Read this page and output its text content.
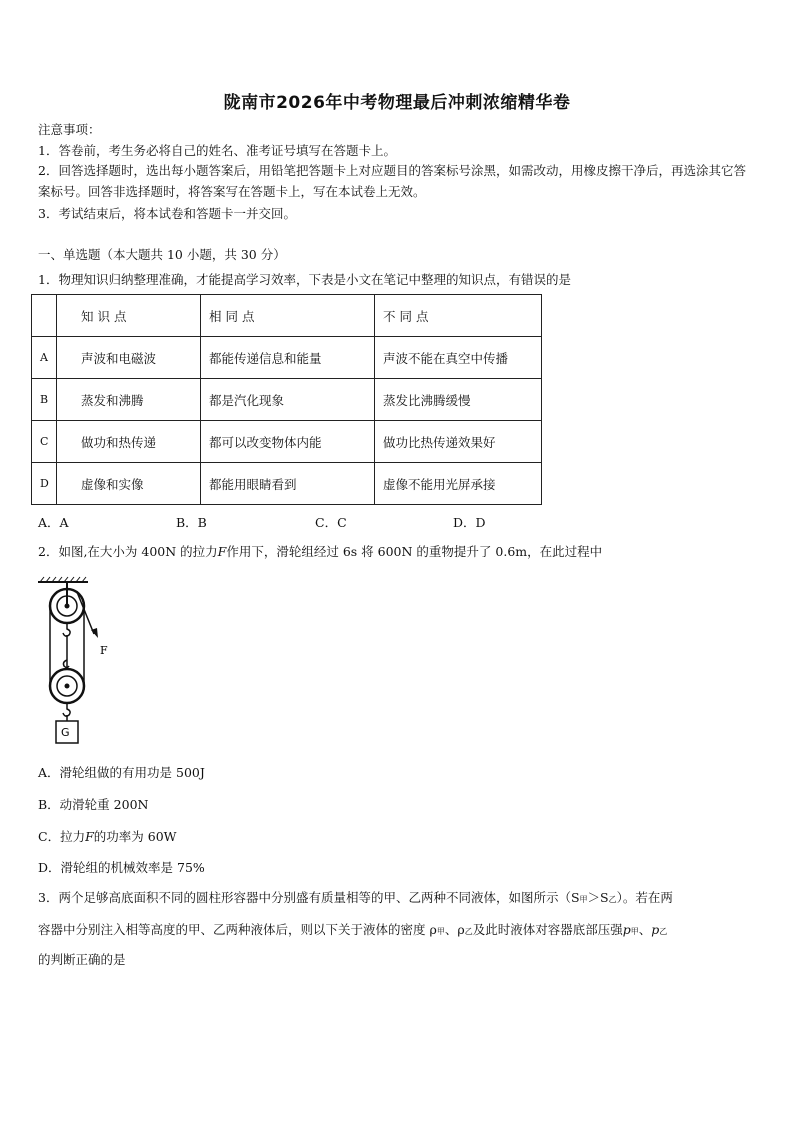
陇南市2026年中考物理最后冲刺浓缩精华卷
注意事项：
1．答卷前，考生务必将自己的姓名、准考证号填写在答题卡上。
2．回答选择题时，选出每小题答案后，用铅笔把答题卡上对应题目的答案标号涂黑，如需改动，用橡皮擦干净后，再选涂其它答案标号。回答非选择题时，将答案写在答题卡上，写在本试卷上无效。
3．考试结束后，将本试卷和答题卡一并交回。
一、单选题（本大题共 10 小题，共 30 分）
1．物理知识归纳整理准确，才能提高学习效率，下表是小文在笔记中整理的知识点，有错误的是
	知 识 点	相 同 点	不 同 点
A	声波和电磁波	都能传递信息和能量	声波不能在真空中传播
B	蒸发和沸腾	都是汽化现象	蒸发比沸腾缓慢
C	做功和热传递	都可以改变物体内能	做功比热传递效果好
D	虚像和实像	都能用眼睛看到	虚像不能用光屏承接
A．A	B．B	C．C	D．D
2．如图,在大小为 400N 的拉力F作用下，滑轮组经过 6s 将 600N 的重物提升了 0.6m，在此过程中
F
G
A．滑轮组做的有用功是 500J
B．动滑轮重 200N
C．拉力F的功率为 60W
D．滑轮组的机械效率是 75%
3．两个足够高底面积不同的圆柱形容器中分别盛有质量相等的甲、乙两种不同液体，如图所示（S甲＞S乙）。若在两
容器中分别注入相等高度的甲、乙两种液体后，则以下关于液体的密度 ρ甲、ρ乙及此时液体对容器底部压强p甲、p乙
的判断正确的是
